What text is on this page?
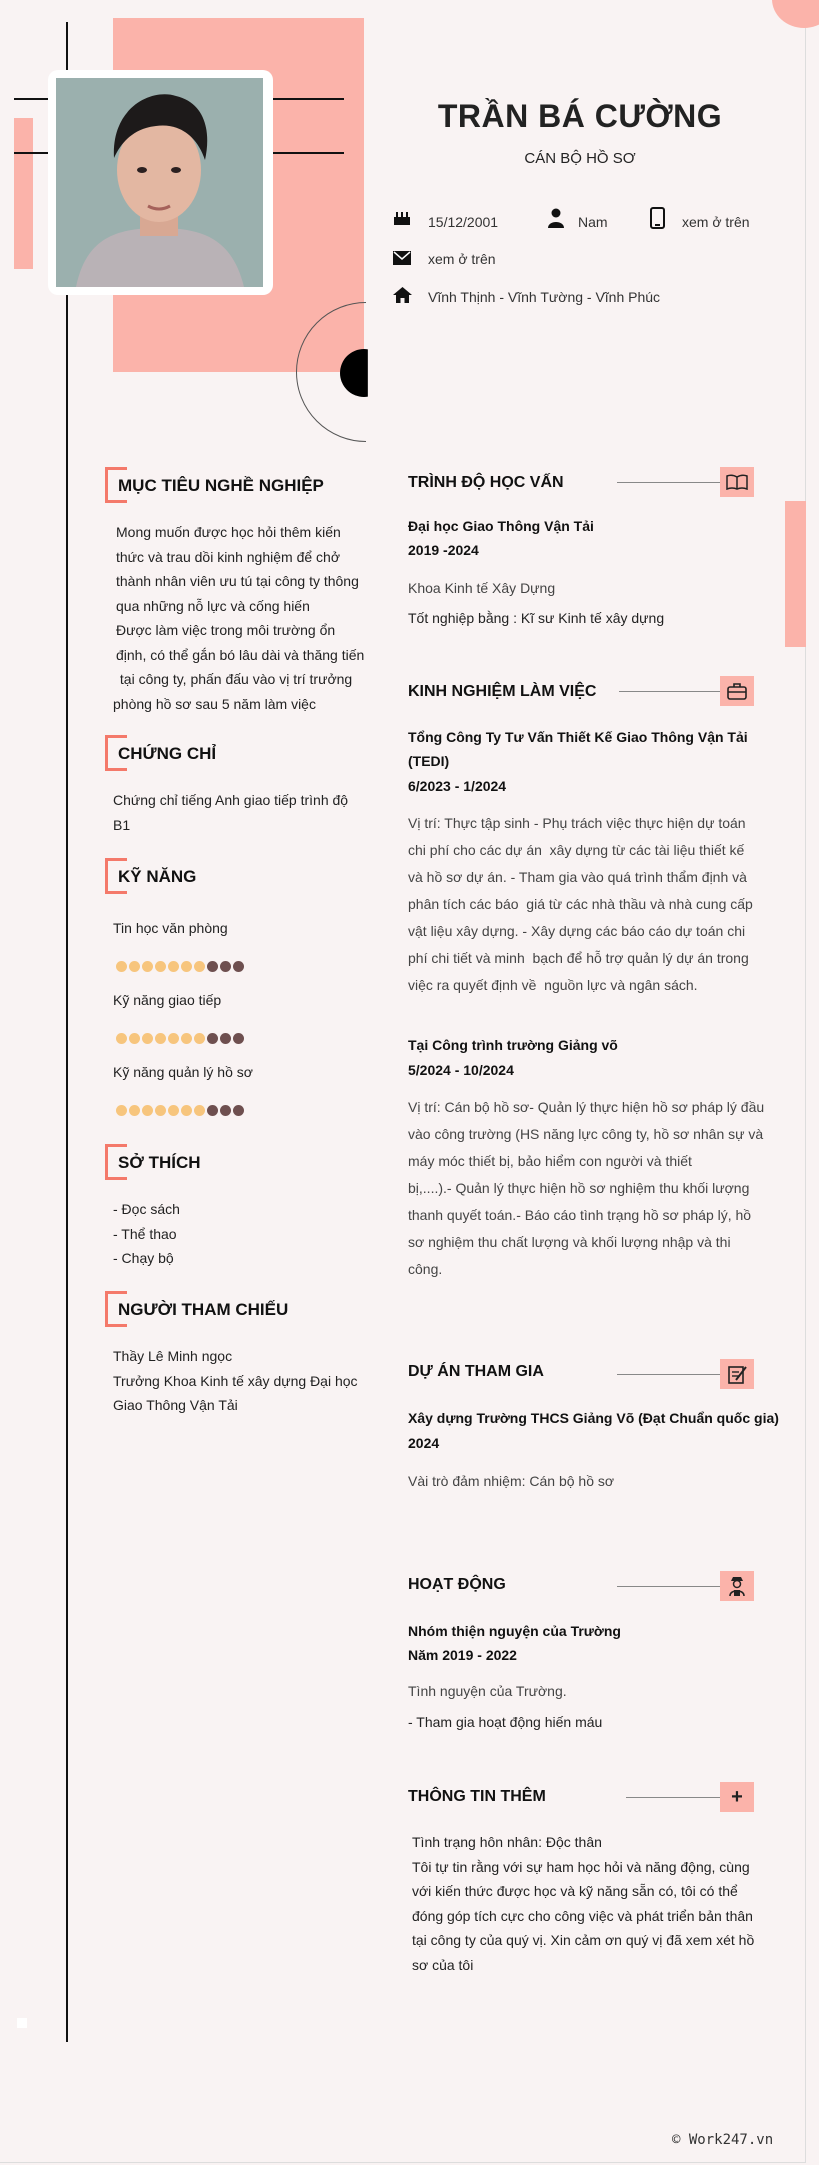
TRẦN BÁ CƯỜNG
CÁN BỘ HỒ SƠ
15/12/2001	Nam	xem ở trên
xem ở trên
Vĩnh Thịnh - Vĩnh Tường - Vĩnh Phúc
MỤC TIÊU NGHỀ NGHIỆP
Mong muốn được học hỏi thêm kiến
thức và trau dồi kinh nghiệm để chở
thành nhân viên ưu tú tại công ty thông
qua những nỗ lực và cống hiến
Được làm việc trong môi trường ổn
định, có thể gắn bó lâu dài và thăng tiến
tại công ty, phấn đấu vào vị trí trưởng
phòng hồ sơ sau 5 năm làm việc
CHỨNG CHỈ
Chứng chỉ tiếng Anh giao tiếp trình độ
B1
KỸ NĂNG
Tin học văn phòng
Kỹ năng giao tiếp
Kỹ năng quản lý hồ sơ
SỞ THÍCH
- Đọc sách
- Thể thao
- Chạy bộ
NGƯỜI THAM CHIẾU
Thầy Lê Minh ngọc
Trưởng Khoa Kinh tế xây dựng Đại học
Giao Thông Vận Tải
TRÌNH ĐỘ HỌC VẤN
Đại học Giao Thông Vận Tải
2019 -2024
Khoa Kinh tế Xây Dựng
Tốt nghiệp bằng : Kĩ sư Kinh tế xây dựng
KINH NGHIỆM LÀM VIỆC
Tổng Công Ty Tư Vấn Thiết Kế Giao Thông Vận Tải
(TEDI)
6/2023 - 1/2024
Vị trí: Thực tập sinh - Phụ trách việc thực hiện dự toán
chi phí cho các dự án  xây dựng từ các tài liệu thiết kế
và hồ sơ dự án. - Tham gia vào quá trình thẩm định và
phân tích các báo  giá từ các nhà thầu và nhà cung cấp
vật liệu xây dựng. - Xây dựng các báo cáo dự toán chi
phí chi tiết và minh  bạch để hỗ trợ quản lý dự án trong
việc ra quyết định về  nguồn lực và ngân sách.
Tại Công trình trường Giảng võ
5/2024 - 10/2024
Vị trí: Cán bộ hồ sơ- Quản lý thực hiện hồ sơ pháp lý đầu
vào công trường (HS năng lực công ty, hồ sơ nhân sự và
máy móc thiết bị, bảo hiểm con người và thiết
bị,....).- Quản lý thực hiện hồ sơ nghiệm thu khối lượng
thanh quyết toán.- Báo cáo tình trạng hồ sơ pháp lý, hồ
sơ nghiệm thu chất lượng và khối lượng nhập và thi
công.
DỰ ÁN THAM GIA
Xây dựng Trường THCS Giảng Võ (Đạt Chuẩn quốc gia)
2024
Vài trò đảm nhiệm: Cán bộ hồ sơ
HOẠT ĐỘNG
Nhóm thiện nguyện của Trường
Năm 2019 - 2022
Tình nguyện của Trường.
- Tham gia hoạt động hiến máu
THÔNG TIN THÊM	+
Tình trạng hôn nhân: Độc thân
Tôi tự tin rằng với sự ham học hỏi và năng động, cùng
với kiến thức được học và kỹ năng sẵn có, tôi có thể
đóng góp tích cực cho công việc và phát triển bản thân
tại công ty của quý vị. Xin cảm ơn quý vị đã xem xét hồ
sơ của tôi
© Work247.vn
